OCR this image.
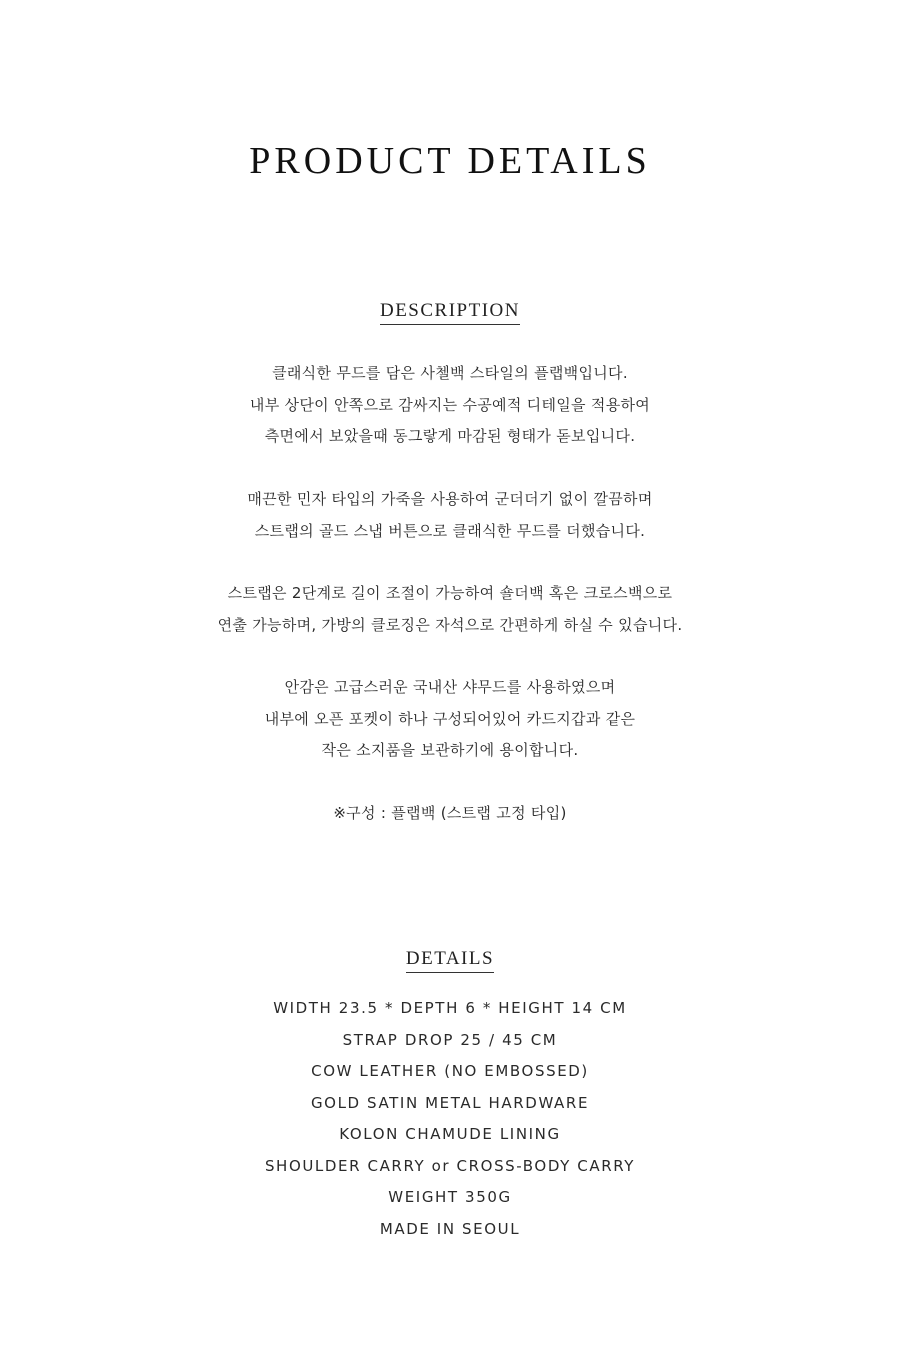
PRODUCT DETAILS
DESCRIPTION
클래식한 무드를 담은 사첼백 스타일의 플랩백입니다.
내부 상단이 안쪽으로 감싸지는 수공예적 디테일을 적용하여
측면에서 보았을때 동그랗게 마감된 형태가 돋보입니다.
매끈한 민자 타입의 가죽을 사용하여 군더더기 없이 깔끔하며
스트랩의 골드 스냅 버튼으로 클래식한 무드를 더했습니다.
스트랩은 2단계로 길이 조절이 가능하여 숄더백 혹은 크로스백으로
연출 가능하며, 가방의 클로징은 자석으로 간편하게 하실 수 있습니다.
안감은 고급스러운 국내산 샤무드를 사용하였으며
내부에 오픈 포켓이 하나 구성되어있어 카드지갑과 같은
작은 소지품을 보관하기에 용이합니다.
※구성 : 플랩백 (스트랩 고정 타입)
DETAILS
WIDTH 23.5 * DEPTH 6 * HEIGHT 14 CM
STRAP DROP 25 / 45 CM
COW LEATHER (NO EMBOSSED)
GOLD SATIN METAL HARDWARE
KOLON CHAMUDE LINING
SHOULDER CARRY or CROSS-BODY CARRY
WEIGHT 350G
MADE IN SEOUL
